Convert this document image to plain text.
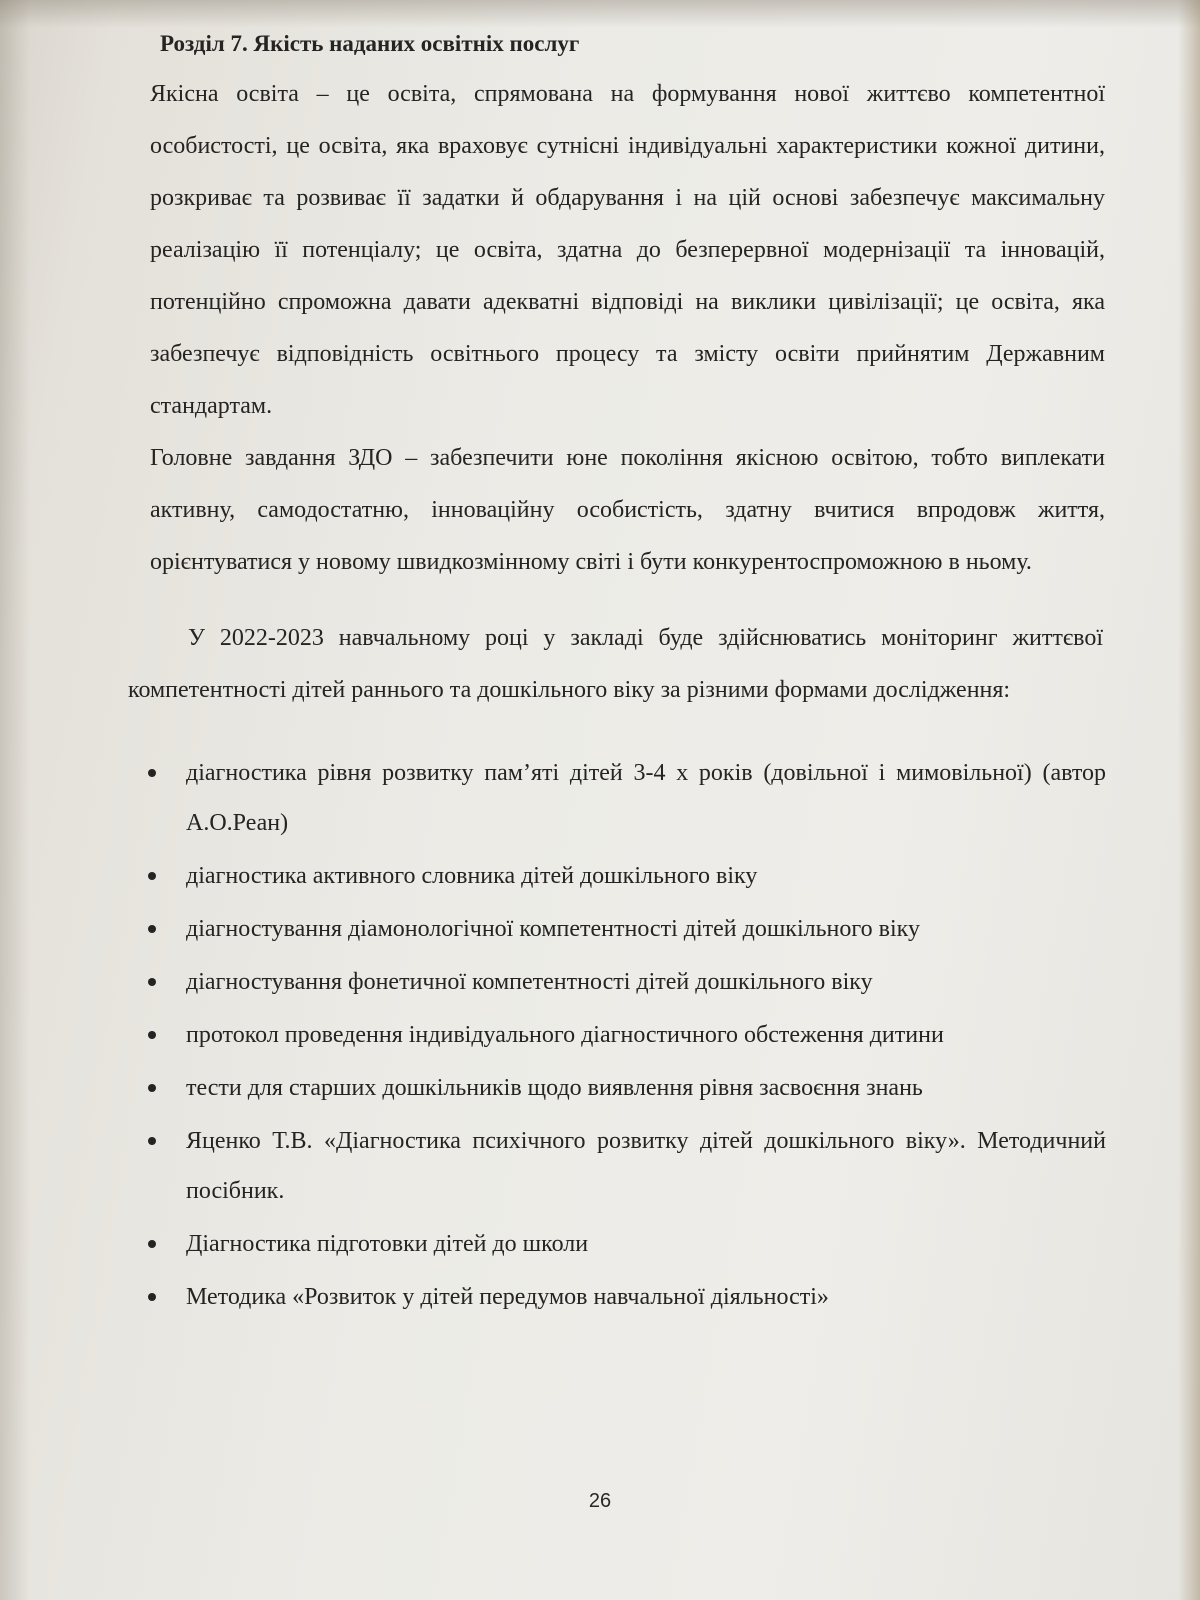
Розділ 7. Якість наданих освітніх послуг

Якісна освіта – це освіта, спрямована на формування нової життєво компетентної особистості, це освіта, яка враховує сутнісні індивідуальні характеристики кожної дитини, розкриває та розвиває її задатки й обдарування і на цій основі забезпечує максимальну реалізацію її потенціалу; це освіта, здатна до безперервної модернізації та інновацій, потенційно спроможна давати адекватні відповіді на виклики цивілізації; це освіта, яка забезпечує відповідність освітнього процесу та змісту освіти прийнятим Державним стандартам.

Головне завдання ЗДО – забезпечити юне покоління якісною освітою, тобто виплекати активну, самодостатню, інноваційну особистість, здатну вчитися впродовж життя, орієнтуватися у новому швидкозмінному світі і бути конкурентоспроможною в ньому.

У 2022-2023 навчальному році у закладі буде здійснюватись моніторинг життєвої компетентності дітей раннього та дошкільного віку за різними формами дослідження:

діагностика рівня розвитку пам’яті дітей 3-4 х років (довільної і мимовільної) (автор А.О.Реан)
діагностика активного словника дітей дошкільного віку
діагностування діамонологічної компетентності дітей дошкільного віку
діагностування фонетичної компетентності дітей дошкільного віку
протокол проведення індивідуального діагностичного обстеження дитини
тести для старших дошкільників щодо виявлення рівня засвоєння знань
Яценко Т.В. «Діагностика психічного розвитку дітей дошкільного віку». Методичний посібник.
Діагностика підготовки дітей до школи
Методика «Розвиток у дітей передумов навчальної діяльності»
26
